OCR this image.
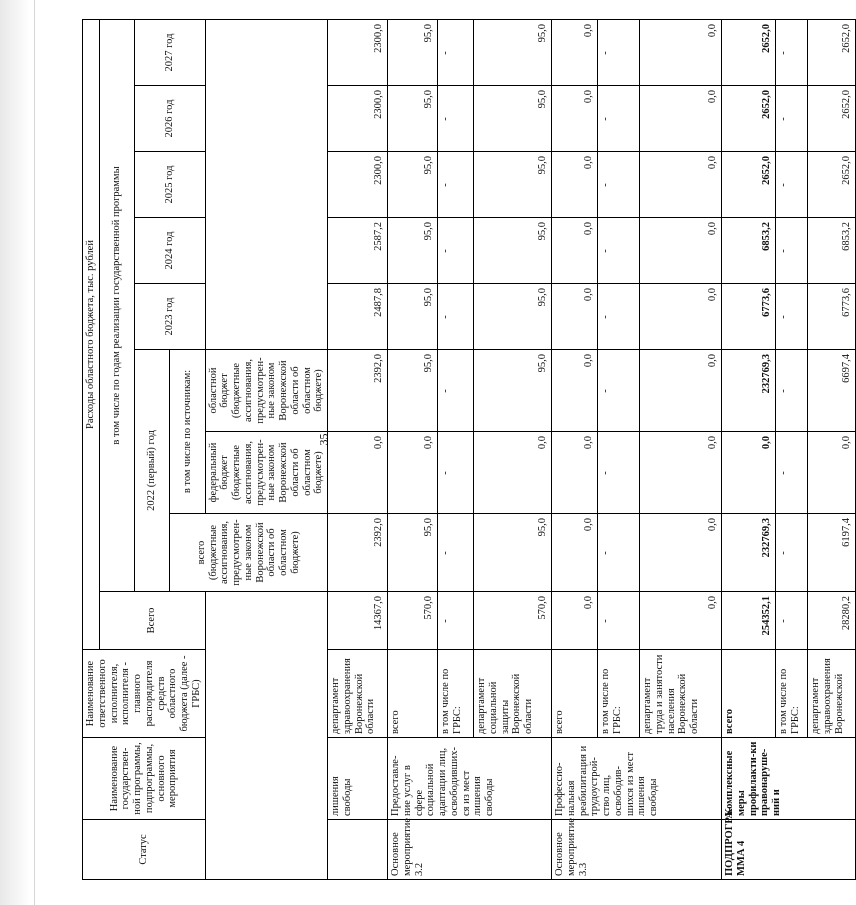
35
Статус	Наименование государствен-ной программы, подпрограммы, основного мероприятия	Наименование ответственного исполнителя, исполнителя - главного распорядителя средств областного бюджета (далее - ГРБС)	Расходы областного бюджета, тыс. рублей								
			Всего	в том числе по годам реализации государственной программы							
				2022 (первый) год			2023 год	2024 год	2025 год	2026 год	2027 год
				всего (бюджетные ассигнования, предусмотрен-ные законом Воронежской области об областном бюджете)	в том числе по источникам:						
					федеральный бюджет (бюджетные ассигнования, предусмотрен-ные законом Воронежской области об областном бюджете)	областной бюджет (бюджетные ассигнования, предусмотрен-ные законом Воронежской области об областном бюджете)					
	лишения свободы	департамент здравоохранения Воронежской области	14367,0	2392,0	0,0	2392,0	2487,8	2587,2	2300,0	2300,0	2300,0
Основное мероприятие 3.2	Предоставле-ние услуг в сфере социальной адаптации лиц, освободивших-ся из мест лишения свободы	всего	570,0	95,0	0,0	95,0	95,0	95,0	95,0	95,0	95,0
		в том числе по ГРБС:	-	-	-	-	-	-	-	-	-
		департамент социальной защиты Воронежской области	570,0	95,0	0,0	95,0	95,0	95,0	95,0	95,0	95,0
Основное мероприятие 3.3	Профессио-нальная реабилитация и трудоустрой-ство лиц, освободив-шихся из мест лишения свободы	всего	0,0	0,0	0,0	0,0	0,0	0,0	0,0	0,0	0,0
		в том числе по ГРБС:	-	-	-	-	-	-	-	-	-
		департамент труда и занятости населения Воронежской области	0,0	0,0	0,0	0,0	0,0	0,0	0,0	0,0	0,0
ПОДПРОГРА-ММА 4	Комплексные меры профилакти-ки правонаруше-ний и	всего	254352,1	232769,3	0,0	232769,3	6773,6	6853,2	2652,0	2652,0	2652,0
		в том числе по ГРБС:	-	-	-	-	-	-	-	-	-
		департамент здравоохранения Воронежской	28280,2	6197,4	0,0	6697,4	6773,6	6853,2	2652,0	2652,0	2652,0
